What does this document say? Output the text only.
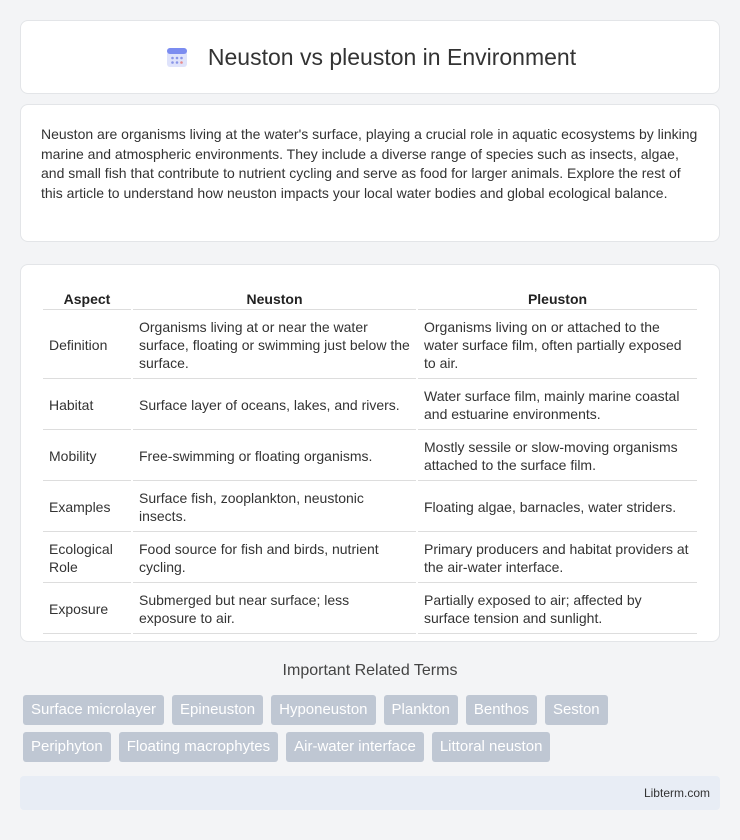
Neuston vs pleuston in Environment

Neuston are organisms living at the water's surface, playing a crucial role in aquatic ecosystems by linking marine and atmospheric environments. They include a diverse range of species such as insects, algae, and small fish that contribute to nutrient cycling and serve as food for larger animals. Explore the rest of this article to understand how neuston impacts your local water bodies and global ecological balance.

Aspect	Neuston	Pleuston
Definition	Organisms living at or near the water surface, floating or swimming just below the surface.	Organisms living on or attached to the water surface film, often partially exposed to air.
Habitat	Surface layer of oceans, lakes, and rivers.	Water surface film, mainly marine coastal and estuarine environments.
Mobility	Free-swimming or floating organisms.	Mostly sessile or slow-moving organisms attached to the surface film.
Examples	Surface fish, zooplankton, neustonic insects.	Floating algae, barnacles, water striders.
Ecological Role	Food source for fish and birds, nutrient cycling.	Primary producers and habitat providers at the air-water interface.
Exposure	Submerged but near surface; less exposure to air.	Partially exposed to air; affected by surface tension and sunlight.
Important Related Terms
Surface microlayer	Epineuston	Hyponeuston	Plankton	Benthos	Seston
Periphyton	Floating macrophytes	Air-water interface	Littoral neuston
Libterm.com
